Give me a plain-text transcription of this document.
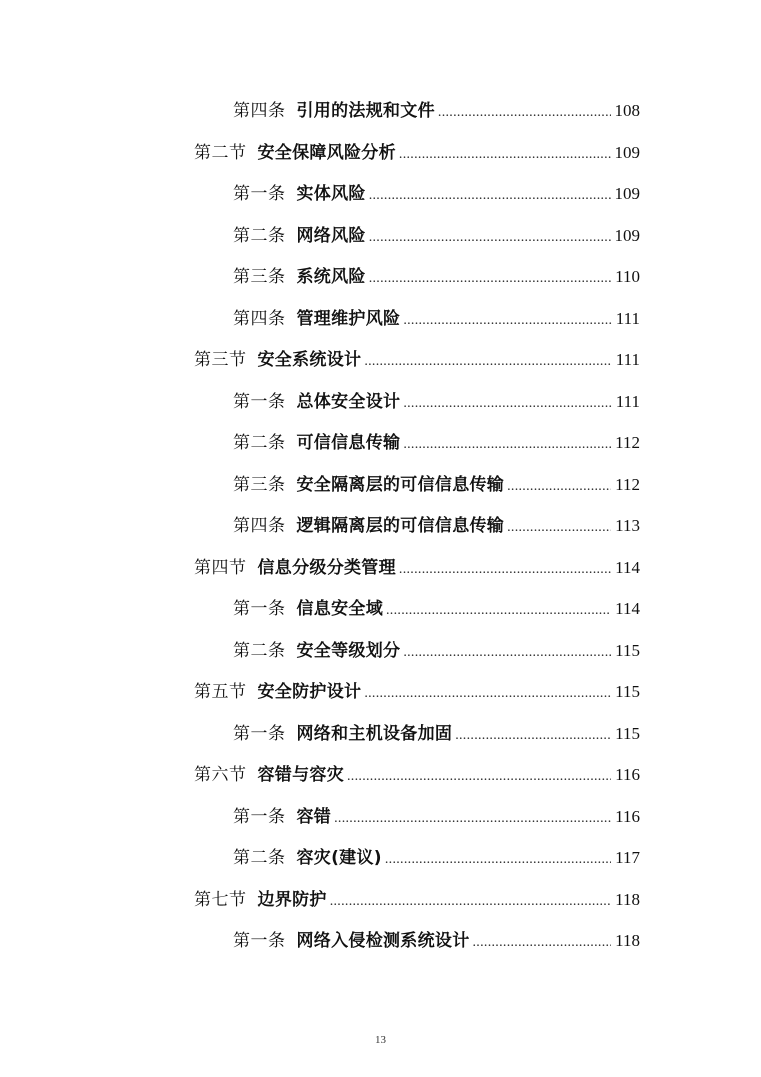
第四条 引用的法规和文件 .....	108
第二节 安全保障风险分析 .....	109
第一条 实体风险 .....	109
第二条 网络风险 .....	109
第三条 系统风险 .....	110
第四条 管理维护风险 .....	111
第三节 安全系统设计 .....	111
第一条 总体安全设计 .....	111
第二条 可信信息传输 .....	112
第三条 安全隔离层的可信信息传输 .....	112
第四条 逻辑隔离层的可信信息传输 .....	113
第四节 信息分级分类管理 .....	114
第一条 信息安全域 .....	114
第二条 安全等级划分 .....	115
第五节 安全防护设计 .....	115
第一条 网络和主机设备加固 .....	115
第六节 容错与容灾 .....	116
第一条 容错 .....	116
第二条 容灾(建议) .....	117
第七节 边界防护 .....	118
第一条 网络入侵检测系统设计 .....	118
13
